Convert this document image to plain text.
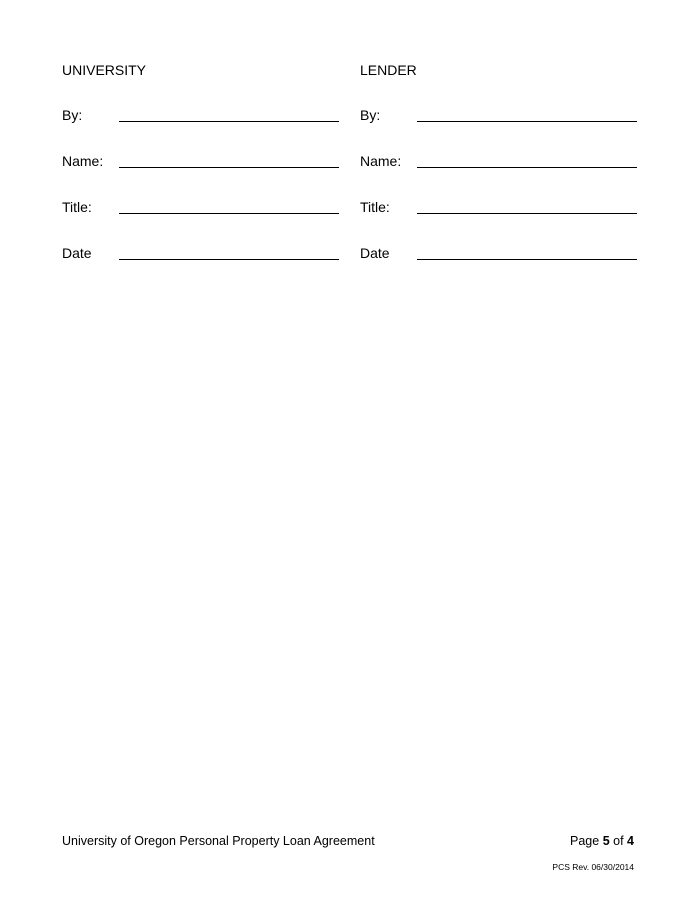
UNIVERSITY

By:
Name:
Title:
Date

LENDER

By:
Name:
Title:
Date
University of Oregon Personal Property Loan Agreement	Page 5 of 4
PCS Rev. 06/30/2014
